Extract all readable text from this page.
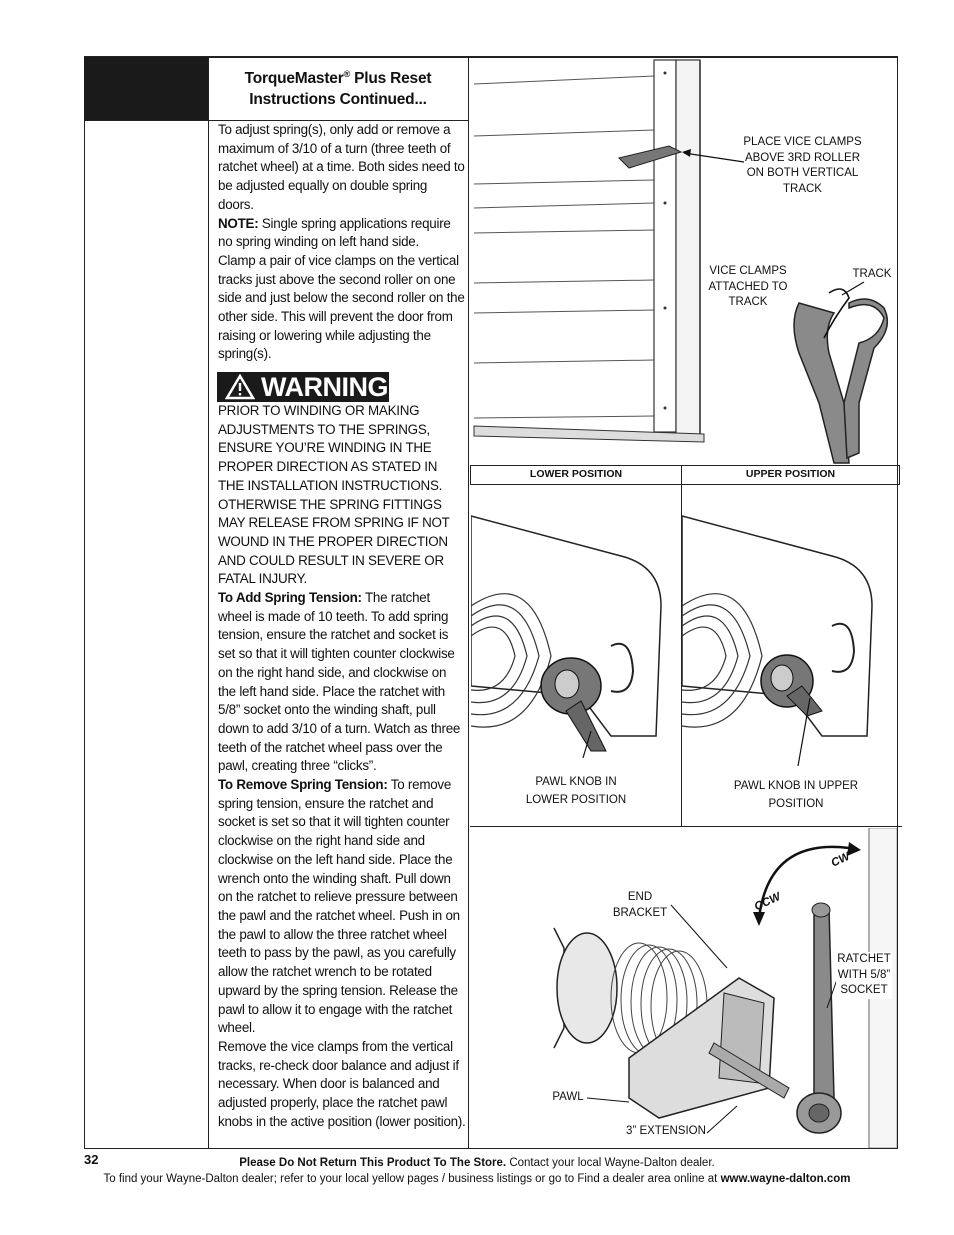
TorqueMaster® Plus Reset
Instructions Continued...
To adjust spring(s), only add or remove a maximum of 3/10 of a turn (three teeth of ratchet wheel) at a time. Both sides need to be adjusted equally on double spring doors.
NOTE: Single spring applications require no spring winding on left hand side.
Clamp a pair of vice clamps on the vertical tracks just above the second roller on one side and just below the second roller on the other side. This will prevent the door from raising or lowering while adjusting the spring(s).
WARNING
PRIOR TO WINDING OR MAKING ADJUSTMENTS TO THE SPRINGS, ENSURE YOU’RE WINDING IN THE PROPER DIRECTION AS STATED IN THE INSTALLATION INSTRUCTIONS. OTHERWISE THE SPRING FITTINGS MAY RELEASE FROM SPRING IF NOT WOUND IN THE PROPER DIRECTION AND COULD RESULT IN SEVERE OR FATAL INJURY.
To Add Spring Tension: The ratchet wheel is made of 10 teeth. To add spring tension, ensure the ratchet and socket is set so that it will tighten counter clockwise on the right hand side, and clockwise on the left hand side. Place the ratchet with 5/8” socket onto the winding shaft, pull down to add 3/10 of a turn. Watch as three teeth of the ratchet wheel pass over the pawl, creating three “clicks”.
To Remove Spring Tension: To remove spring tension, ensure the ratchet and socket is set so that it will tighten counter clockwise on the right hand side and clockwise on the left hand side. Place the wrench onto the winding shaft. Pull down on the ratchet to relieve pressure between the pawl and the ratchet wheel. Push in on the pawl to allow the three ratchet wheel teeth to pass by the pawl, as you carefully allow the ratchet wrench to be rotated upward by the spring tension. Release the pawl to allow it to engage with the ratchet wheel.
Remove the vice clamps from the vertical tracks, re-check door balance and adjust if necessary. When door is balanced and adjusted properly, place the ratchet pawl knobs in the active position (lower position).
PLACE VICE CLAMPS ABOVE 3RD ROLLER ON BOTH VERTICAL TRACK
VICE CLAMPS ATTACHED TO TRACK
TRACK
LOWER POSITION	UPPER POSITION
PAWL KNOB IN LOWER POSITION
PAWL KNOB IN UPPER POSITION
END BRACKET	CCW
CW
RATCHET WITH 5/8” SOCKET
PAWL
3” EXTENSION
32	Please Do Not Return This Product To The Store. Contact your local Wayne-Dalton dealer.
To find your Wayne-Dalton dealer; refer to your local yellow pages / business listings or go to Find a dealer area online at www.wayne-dalton.com
